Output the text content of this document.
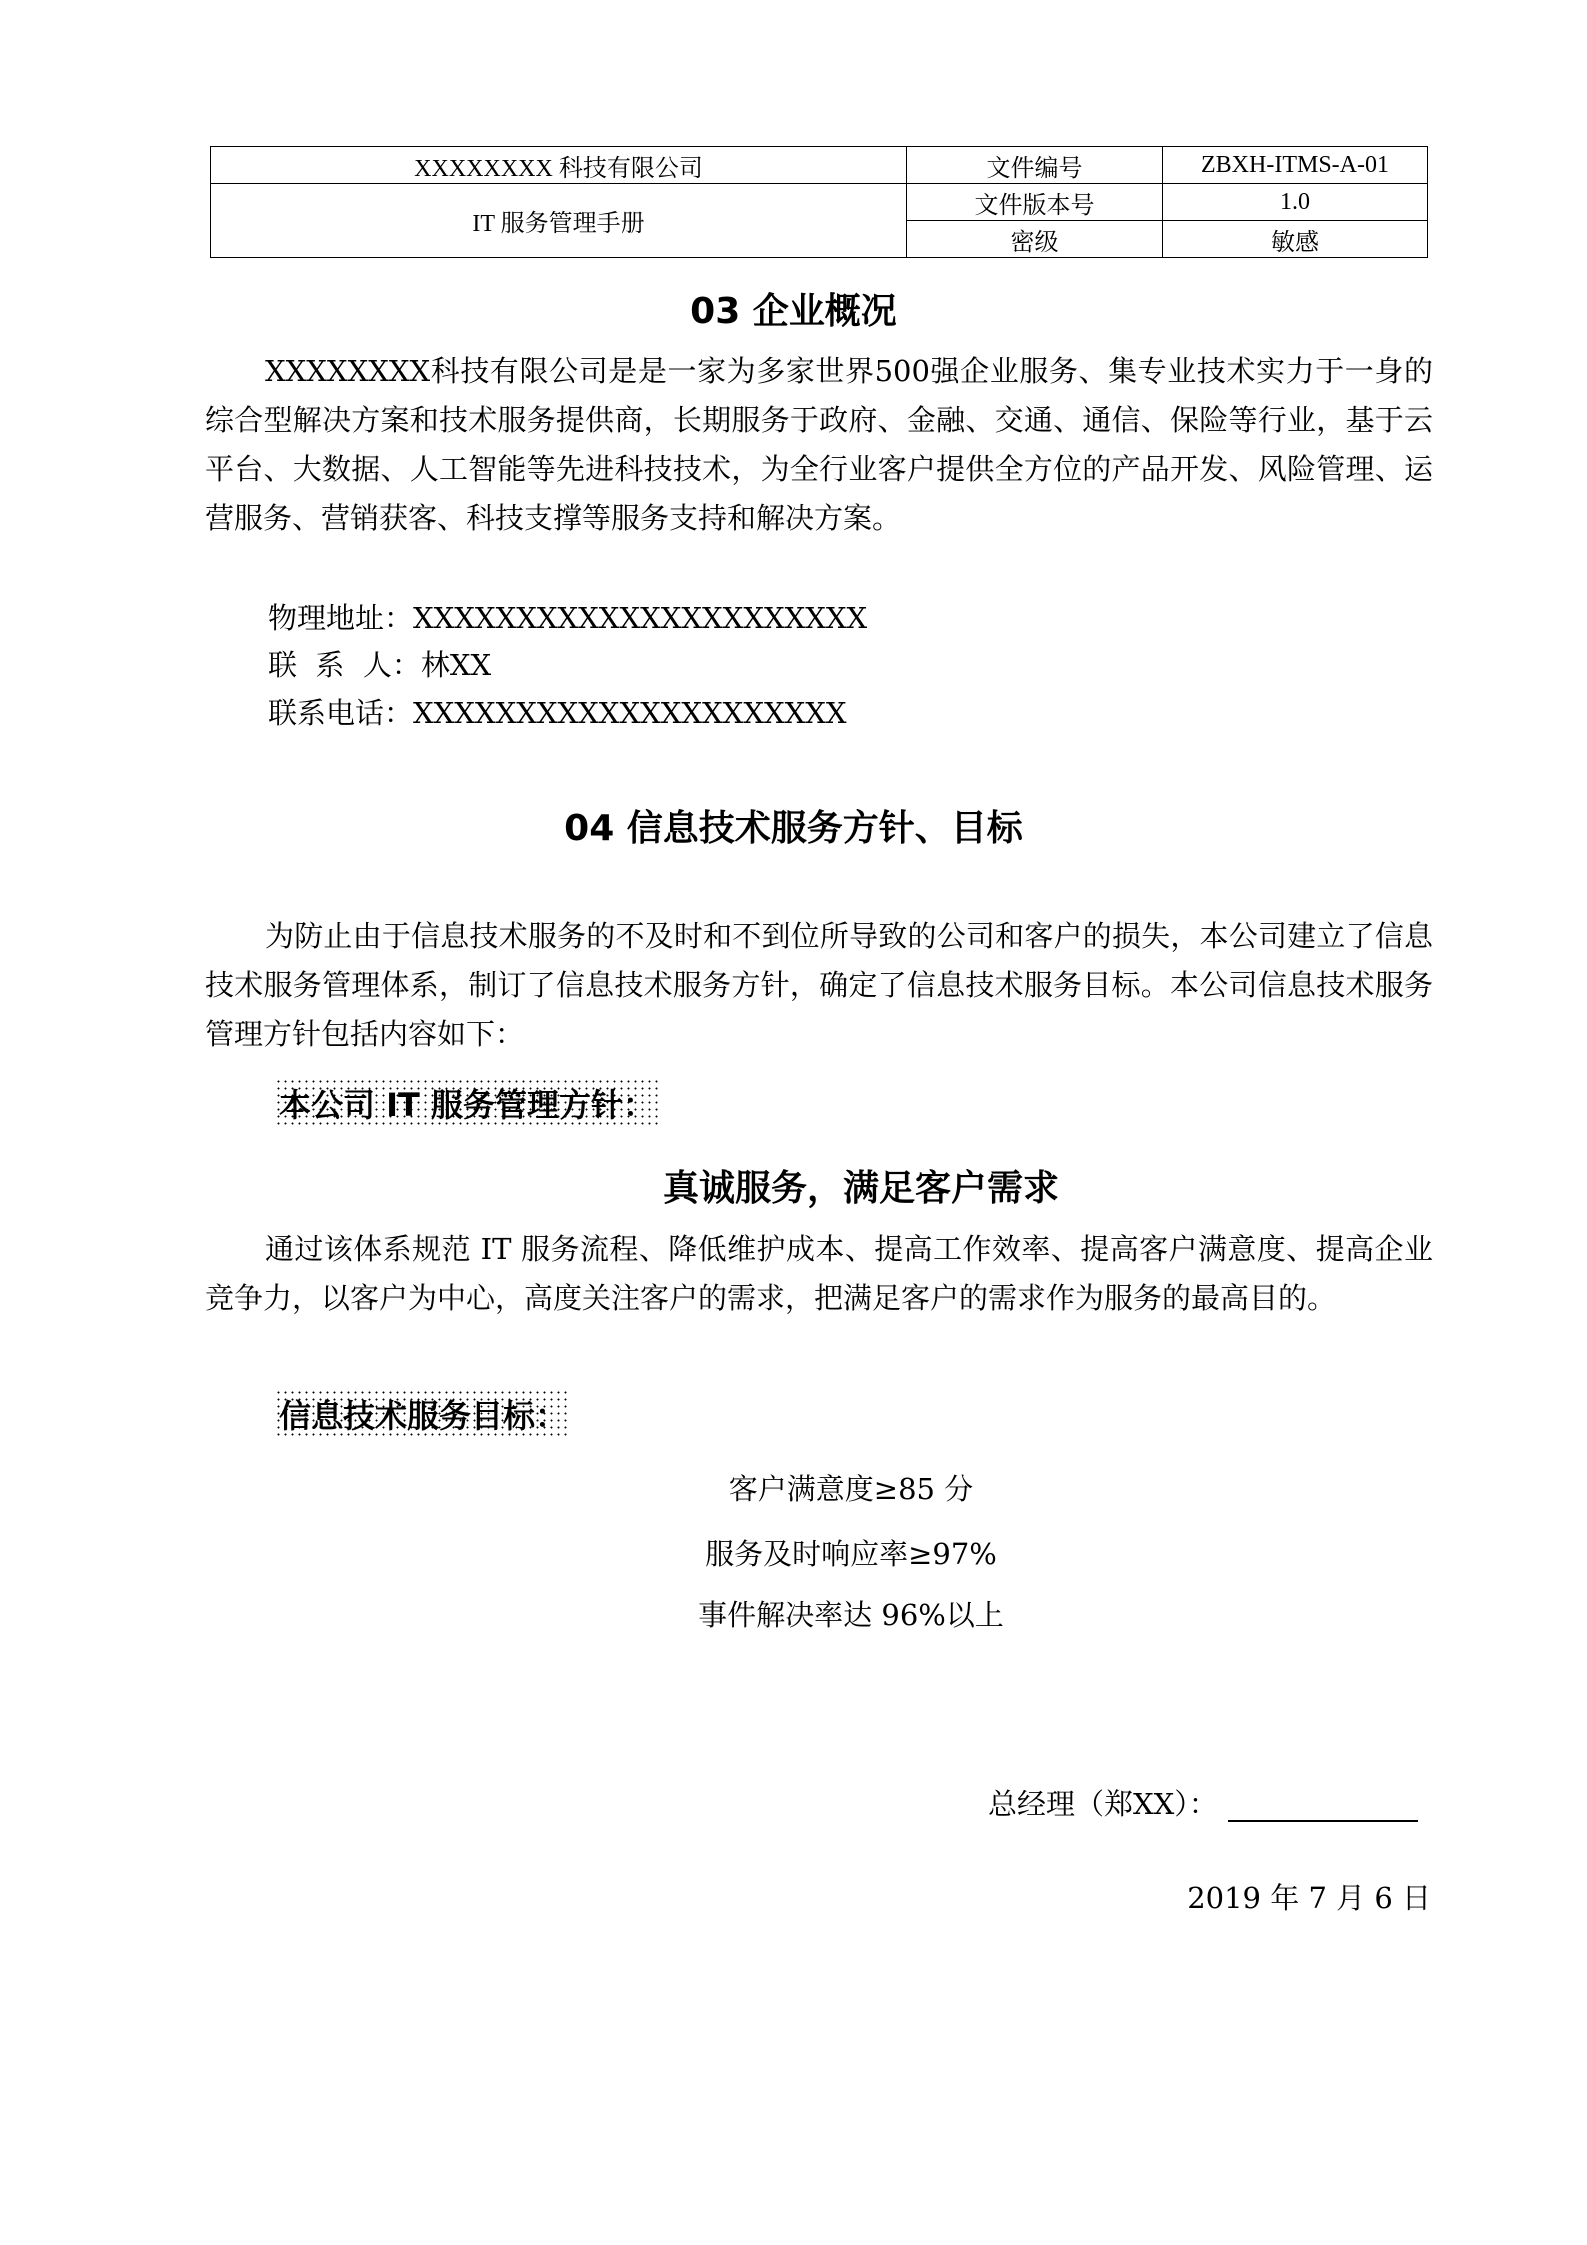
XXXXXXXX 科技有限公司	文件编号	ZBXH-ITMS-A-01
IT 服务管理手册	文件版本号	1.0
	密级	敏感
03 企业概况
XXXXXXXX科技有限公司是是一家为多家世界500强企业服务、集专业技术实力于一身的综合型解决方案和技术服务提供商，长期服务于政府、金融、交通、通信、保险等行业，基于云平台、大数据、人工智能等先进科技技术，为全行业客户提供全方位的产品开发、风险管理、运营服务、营销获客、科技支撑等服务支持和解决方案。
物理地址：XXXXXXXXXXXXXXXXXXXXXX
联  系  人：林XX
联系电话：XXXXXXXXXXXXXXXXXXXXX
04 信息技术服务方针、目标
为防止由于信息技术服务的不及时和不到位所导致的公司和客户的损失，本公司建立了信息技术服务管理体系，制订了信息技术服务方针，确定了信息技术服务目标。本公司信息技术服务管理方针包括内容如下：
本公司 IT 服务管理方针：
真诚服务，满足客户需求
通过该体系规范 IT 服务流程、降低维护成本、提高工作效率、提高客户满意度、提高企业竞争力，以客户为中心，高度关注客户的需求，把满足客户的需求作为服务的最高目的。
信息技术服务目标：
客户满意度≥85 分
服务及时响应率≥97%
事件解决率达 96%以上
总经理（郑XX）：
2019 年 7 月 6 日
